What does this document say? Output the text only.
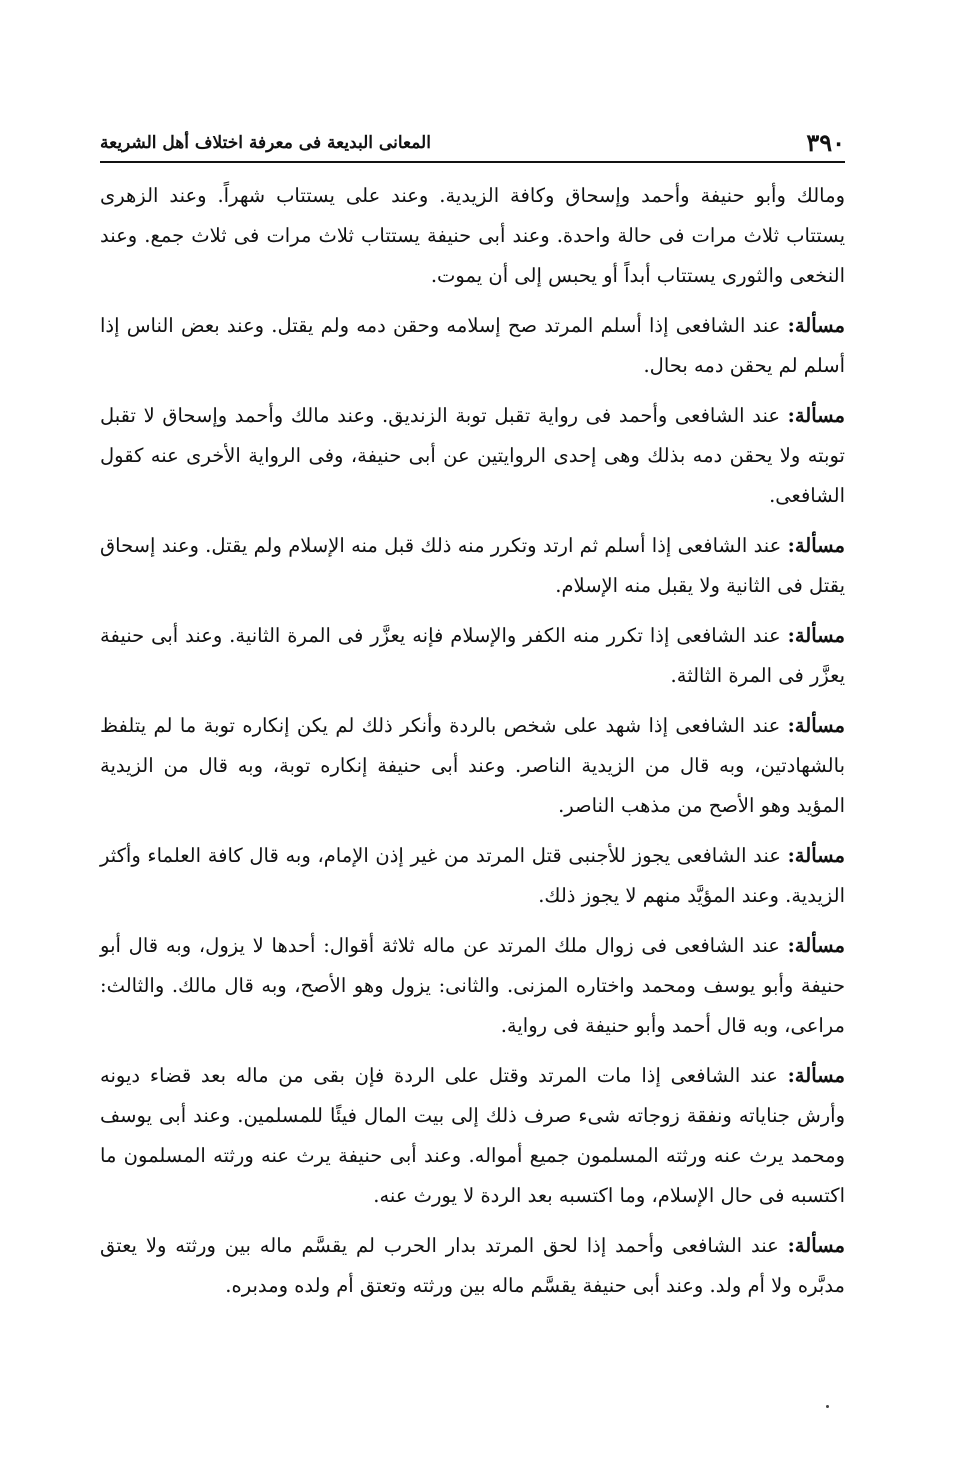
٣٩٠
المعانى البديعة فى معرفة اختلاف أهل الشريعة

ومالك وأبو حنيفة وأحمد وإسحاق وكافة الزيدية. وعند على يستتاب شهراً. وعند الزهرى يستتاب ثلاث مرات فى حالة واحدة. وعند أبى حنيفة يستتاب ثلاث مرات فى ثلاث جمع. وعند النخعى والثورى يستتاب أبداً أو يحبس إلى أن يموت.

مسألة: عند الشافعى إذا أسلم المرتد صح إسلامه وحقن دمه ولم يقتل. وعند بعض الناس إذا أسلم لم يحقن دمه بحال.

مسألة: عند الشافعى وأحمد فى رواية تقبل توبة الزنديق. وعند مالك وأحمد وإسحاق لا تقبل توبته ولا يحقن دمه بذلك وهى إحدى الروايتين عن أبى حنيفة، وفى الرواية الأخرى عنه كقول الشافعى.

مسألة: عند الشافعى إذا أسلم ثم ارتد وتكرر منه ذلك قبل منه الإسلام ولم يقتل. وعند إسحاق يقتل فى الثانية ولا يقبل منه الإسلام.

مسألة: عند الشافعى إذا تكرر منه الكفر والإسلام فإنه يعزَّر فى المرة الثانية. وعند أبى حنيفة يعزَّر فى المرة الثالثة.

مسألة: عند الشافعى إذا شهد على شخص بالردة وأنكر ذلك لم يكن إنكاره توبة ما لم يتلفظ بالشهادتين، وبه قال من الزيدية الناصر. وعند أبى حنيفة إنكاره توبة، وبه قال من الزيدية المؤيد وهو الأصح من مذهب الناصر.

مسألة: عند الشافعى يجوز للأجنبى قتل المرتد من غير إذن الإمام، وبه قال كافة العلماء وأكثر الزيدية. وعند المؤيَّد منهم لا يجوز ذلك.

مسألة: عند الشافعى فى زوال ملك المرتد عن ماله ثلاثة أقوال: أحدها لا يزول، وبه قال أبو حنيفة وأبو يوسف ومحمد واختاره المزنى. والثانى: يزول وهو الأصح، وبه قال مالك. والثالث: مراعى، وبه قال أحمد وأبو حنيفة فى رواية.

مسألة: عند الشافعى إذا مات المرتد وقتل على الردة فإن بقى من ماله بعد قضاء ديونه وأرش جناياته ونفقة زوجاته شىء صرف ذلك إلى بيت المال فيئًا للمسلمين. وعند أبى يوسف ومحمد يرث عنه ورثته المسلمون جميع أمواله. وعند أبى حنيفة يرث عنه ورثته المسلمون ما اكتسبه فى حال الإسلام، وما اكتسبه بعد الردة لا يورث عنه.

مسألة: عند الشافعى وأحمد إذا لحق المرتد بدار الحرب لم يقسَّم ماله بين ورثته ولا يعتق مدبَّره ولا أم ولد. وعند أبى حنيفة يقسَّم ماله بين ورثته وتعتق أم ولده ومدبره.
